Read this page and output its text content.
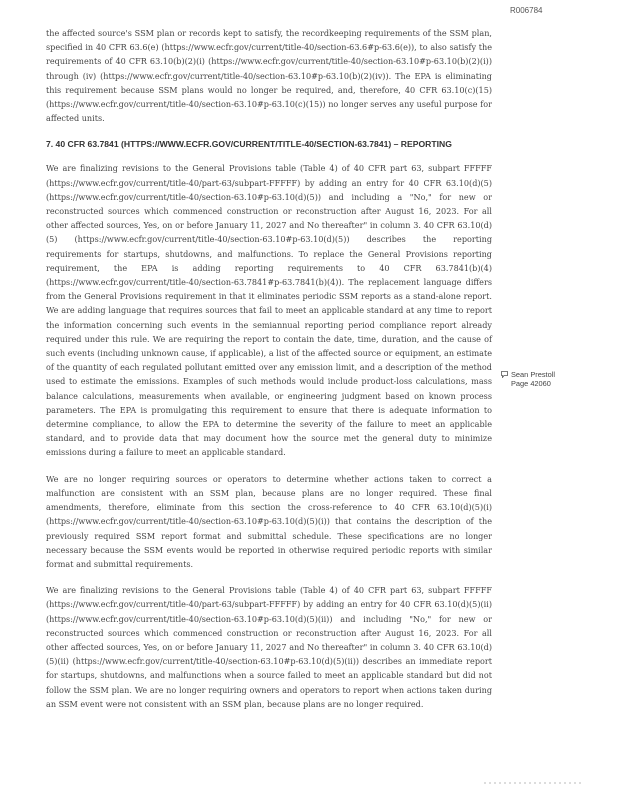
R006784

the affected source's SSM plan or records kept to satisfy, the recordkeeping requirements of the SSM plan, specified in 40 CFR 63.6(e) (https://www.ecfr.gov/current/title-40/section-63.6#p-63.6(e)), to also satisfy the requirements of 40 CFR 63.10(b)(2)(i) (https://www.ecfr.gov/current/title-40/section-63.10#p-63.10(b)(2)(i)) through (iv) (https://www.ecfr.gov/current/title-40/section-63.10#p-63.10(b)(2)(iv)). The EPA is eliminating this requirement because SSM plans would no longer be required, and, therefore, 40 CFR 63.10(c)(15) (https://www.ecfr.gov/current/title-40/section-63.10#p-63.10(c)(15)) no longer serves any useful purpose for affected units.

7. 40 CFR 63.7841 (HTTPS://WWW.ECFR.GOV/CURRENT/TITLE-40/SECTION-63.7841) – REPORTING

We are finalizing revisions to the General Provisions table (Table 4) of 40 CFR part 63, subpart FFFFF (https://www.ecfr.gov/current/title-40/part-63/subpart-FFFFF) by adding an entry for 40 CFR 63.10(d)(5) (https://www.ecfr.gov/current/title-40/section-63.10#p-63.10(d)(5)) and including a "No," for new or reconstructed sources which commenced construction or reconstruction after August 16, 2023. For all other affected sources, Yes, on or before January 11, 2027 and No thereafter" in column 3. 40 CFR 63.10(d)(5) (https://www.ecfr.gov/current/title-40/section-63.10#p-63.10(d)(5)) describes the reporting requirements for startups, shutdowns, and malfunctions. To replace the General Provisions reporting requirement, the EPA is adding reporting requirements to 40 CFR 63.7841(b)(4) (https://www.ecfr.gov/current/title-40/section-63.7841#p-63.7841(b)(4)). The replacement language differs from the General Provisions requirement in that it eliminates periodic SSM reports as a stand-alone report. We are adding language that requires sources that fail to meet an applicable standard at any time to report the information concerning such events in the semiannual reporting period compliance report already required under this rule. We are requiring the report to contain the date, time, duration, and the cause of such events (including unknown cause, if applicable), a list of the affected source or equipment, an estimate of the quantity of each regulated pollutant emitted over any emission limit, and a description of the method used to estimate the emissions. Examples of such methods would include product-loss calculations, mass balance calculations, measurements when available, or engineering judgment based on known process parameters. The EPA is promulgating this requirement to ensure that there is adequate information to determine compliance, to allow the EPA to determine the severity of the failure to meet an applicable standard, and to provide data that may document how the source met the general duty to minimize emissions during a failure to meet an applicable standard.

We are no longer requiring sources or operators to determine whether actions taken to correct a malfunction are consistent with an SSM plan, because plans are no longer required. These final amendments, therefore, eliminate from this section the cross-reference to 40 CFR 63.10(d)(5)(i) (https://www.ecfr.gov/current/title-40/section-63.10#p-63.10(d)(5)(i)) that contains the description of the previously required SSM report format and submittal schedule. These specifications are no longer necessary because the SSM events would be reported in otherwise required periodic reports with similar format and submittal requirements.

We are finalizing revisions to the General Provisions table (Table 4) of 40 CFR part 63, subpart FFFFF (https://www.ecfr.gov/current/title-40/part-63/subpart-FFFFF) by adding an entry for 40 CFR 63.10(d)(5)(ii) (https://www.ecfr.gov/current/title-40/section-63.10#p-63.10(d)(5)(ii)) and including "No," for new or reconstructed sources which commenced construction or reconstruction after August 16, 2023. For all other affected sources, Yes, on or before January 11, 2027 and No thereafter" in column 3. 40 CFR 63.10(d)(5)(ii) (https://www.ecfr.gov/current/title-40/section-63.10#p-63.10(d)(5)(ii)) describes an immediate report for startups, shutdowns, and malfunctions when a source failed to meet an applicable standard but did not follow the SSM plan. We are no longer requiring owners and operators to report when actions taken during an SSM event were not consistent with an SSM plan, because plans are no longer required.

Sean Prestoll
Page 42060
